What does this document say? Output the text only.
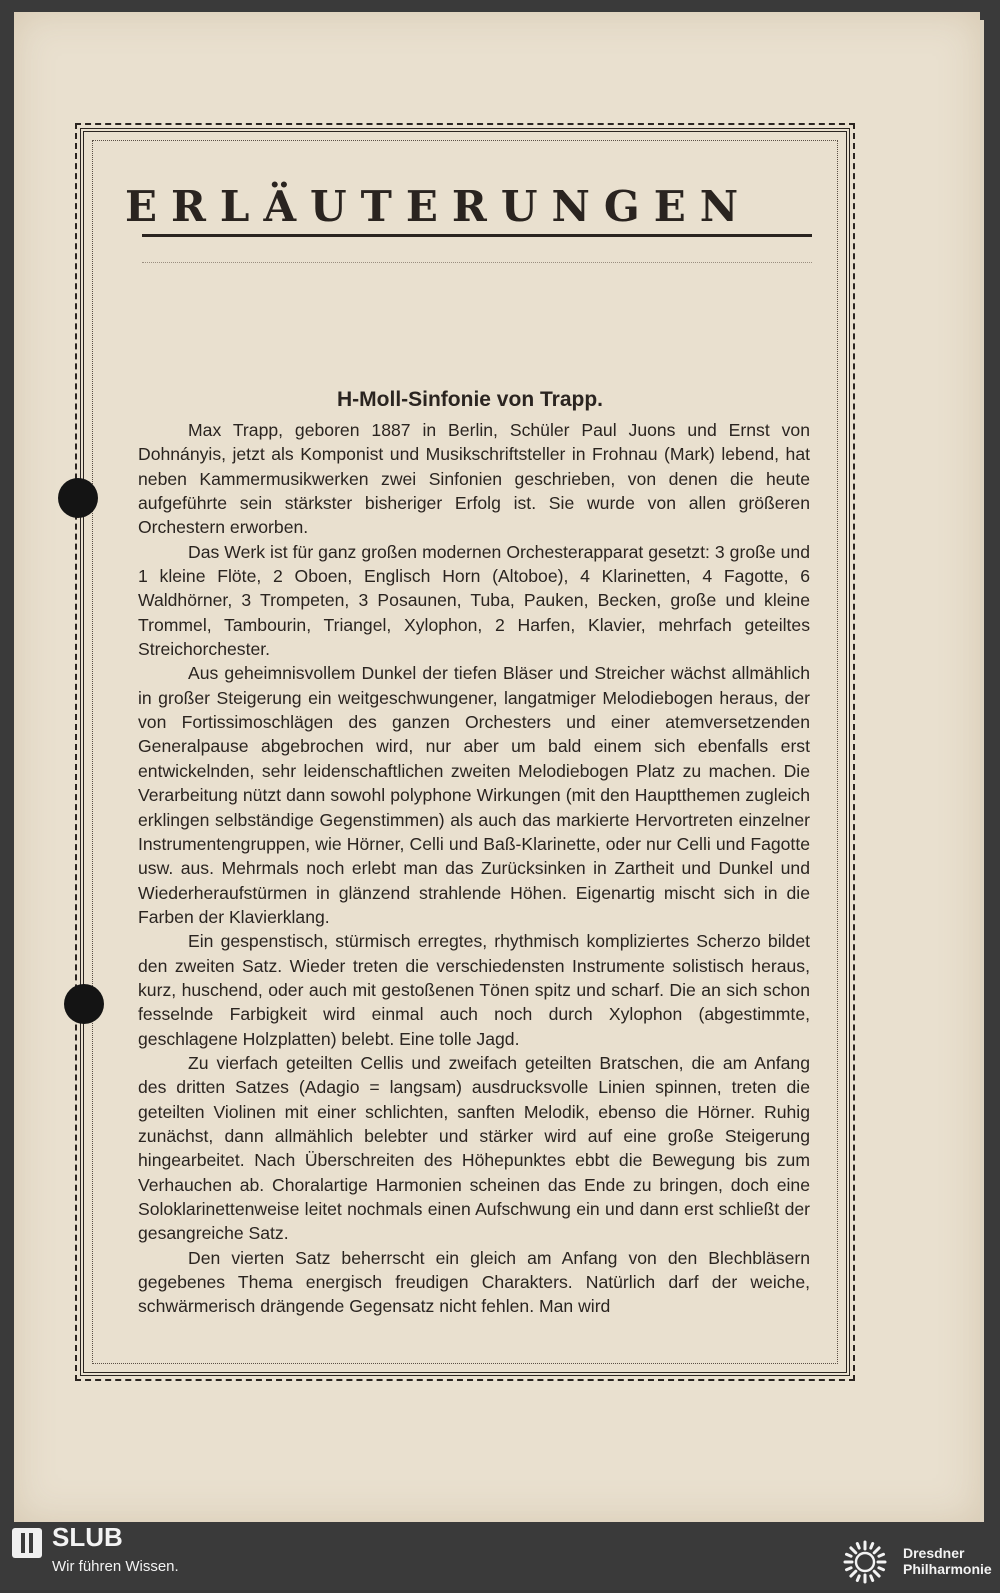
ERLÄUTERUNGEN
H-Moll-Sinfonie von Trapp.

Max Trapp, geboren 1887 in Berlin, Schüler Paul Juons und Ernst von Dohnányis, jetzt als Komponist und Musikschriftsteller in Frohnau (Mark) lebend, hat neben Kammermusikwerken zwei Sinfonien geschrieben, von denen die heute aufgeführte sein stärkster bisheriger Erfolg ist. Sie wurde von allen größeren Orchestern erworben.

Das Werk ist für ganz großen modernen Orchesterapparat gesetzt: 3 große und 1 kleine Flöte, 2 Oboen, Englisch Horn (Altoboe), 4 Klarinetten, 4 Fagotte, 6 Waldhörner, 3 Trompeten, 3 Posaunen, Tuba, Pauken, Becken, große und kleine Trommel, Tambourin, Triangel, Xylophon, 2 Harfen, Klavier, mehrfach geteiltes Streichorchester.

Aus geheimnisvollem Dunkel der tiefen Bläser und Streicher wächst allmählich in großer Steigerung ein weitgeschwungener, langatmiger Melodiebogen heraus, der von Fortissimoschlägen des ganzen Orchesters und einer atemversetzenden Generalpause abgebrochen wird, nur aber um bald einem sich ebenfalls erst entwickelnden, sehr leidenschaftlichen zweiten Melodiebogen Platz zu machen. Die Verarbeitung nützt dann sowohl polyphone Wirkungen (mit den Hauptthemen zugleich erklingen selbständige Gegenstimmen) als auch das markierte Hervortreten einzelner Instrumentengruppen, wie Hörner, Celli und Baß-Klarinette, oder nur Celli und Fagotte usw. aus. Mehrmals noch erlebt man das Zurücksinken in Zartheit und Dunkel und Wiederheraufstürmen in glänzend strahlende Höhen. Eigenartig mischt sich in die Farben der Klavierklang.

Ein gespenstisch, stürmisch erregtes, rhythmisch kompliziertes Scherzo bildet den zweiten Satz. Wieder treten die verschiedensten Instrumente solistisch heraus, kurz, huschend, oder auch mit gestoßenen Tönen spitz und scharf. Die an sich schon fesselnde Farbigkeit wird einmal auch noch durch Xylophon (abgestimmte, geschlagene Holzplatten) belebt. Eine tolle Jagd.

Zu vierfach geteilten Cellis und zweifach geteilten Bratschen, die am Anfang des dritten Satzes (Adagio = langsam) ausdrucksvolle Linien spinnen, treten die geteilten Violinen mit einer schlichten, sanften Melodik, ebenso die Hörner. Ruhig zunächst, dann allmählich belebter und stärker wird auf eine große Steigerung hingearbeitet. Nach Überschreiten des Höhepunktes ebbt die Bewegung bis zum Verhauchen ab. Choralartige Harmonien scheinen das Ende zu bringen, doch eine Soloklarinettenweise leitet nochmals einen Aufschwung ein und dann erst schließt der gesangreiche Satz.

Den vierten Satz beherrscht ein gleich am Anfang von den Blechbläsern gegebenes Thema energisch freudigen Charakters. Natürlich darf der weiche, schwärmerisch drängende Gegensatz nicht fehlen. Man wird

SLUB
Wir führen Wissen.
Dresdner
Philharmonie
